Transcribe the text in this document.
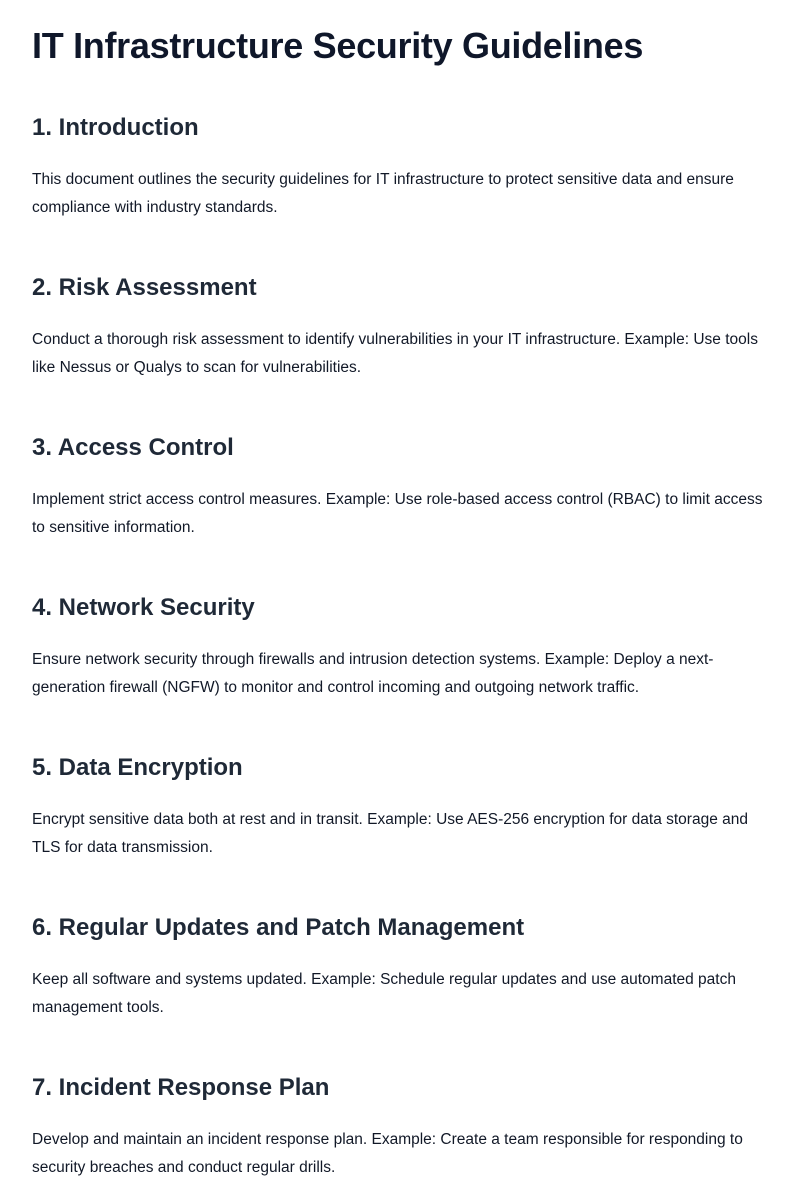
IT Infrastructure Security Guidelines
1. Introduction

This document outlines the security guidelines for IT infrastructure to protect sensitive data and ensure compliance with industry standards.

2. Risk Assessment

Conduct a thorough risk assessment to identify vulnerabilities in your IT infrastructure. Example: Use tools like Nessus or Qualys to scan for vulnerabilities.

3. Access Control

Implement strict access control measures. Example: Use role-based access control (RBAC) to limit access to sensitive information.

4. Network Security

Ensure network security through firewalls and intrusion detection systems. Example: Deploy a next-generation firewall (NGFW) to monitor and control incoming and outgoing network traffic.

5. Data Encryption

Encrypt sensitive data both at rest and in transit. Example: Use AES-256 encryption for data storage and TLS for data transmission.

6. Regular Updates and Patch Management

Keep all software and systems updated. Example: Schedule regular updates and use automated patch management tools.

7. Incident Response Plan

Develop and maintain an incident response plan. Example: Create a team responsible for responding to security breaches and conduct regular drills.
